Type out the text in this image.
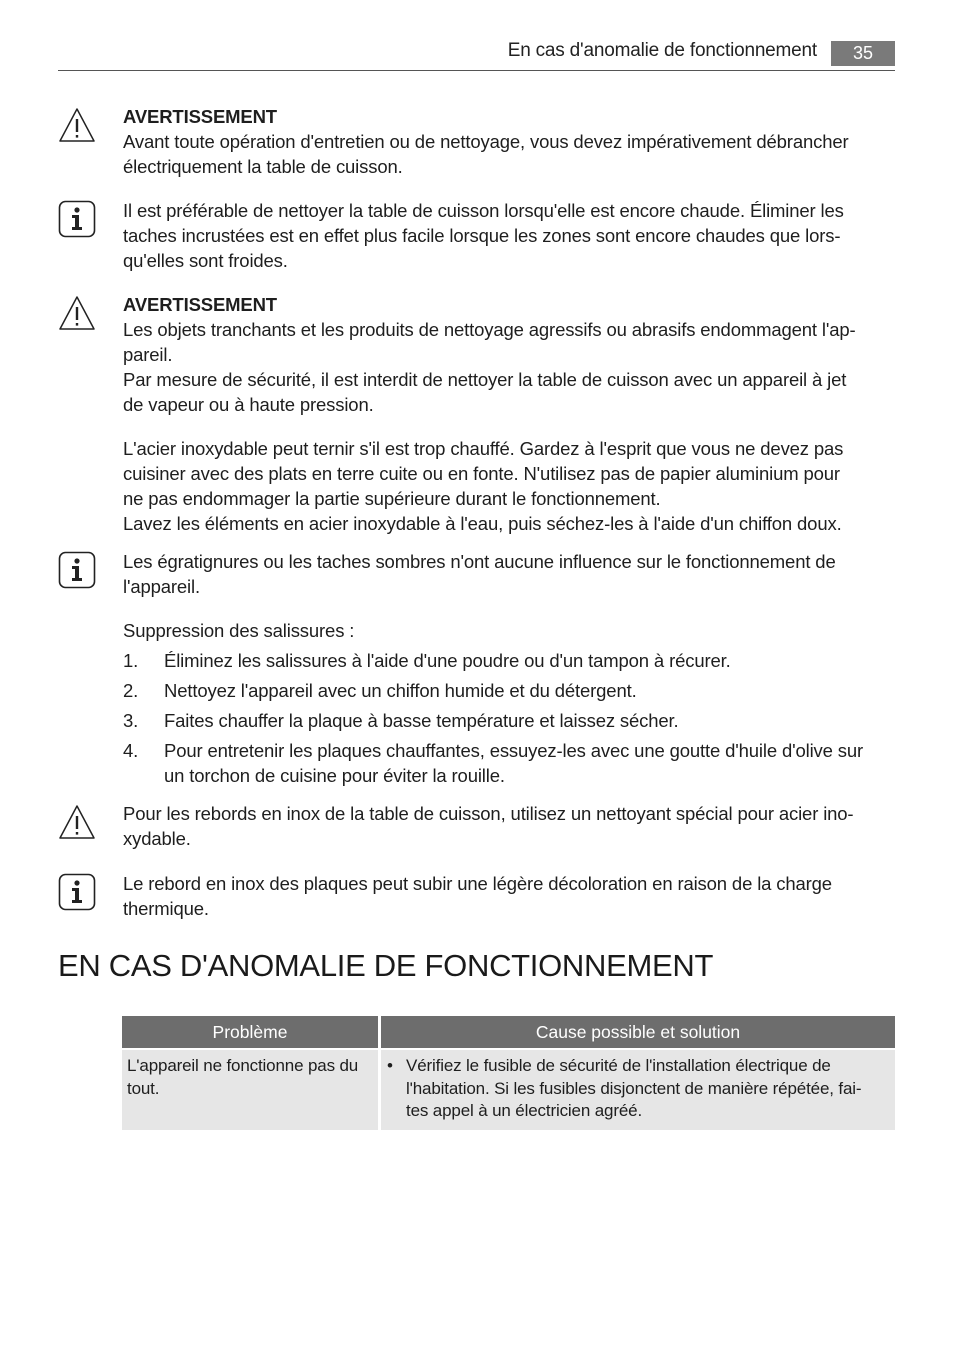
En cas d'anomalie de fonctionnement	35

AVERTISSEMENT

Avant toute opération d'entretien ou de nettoyage, vous devez impérativement débrancher

électriquement la table de cuisson.

Il est préférable de nettoyer la table de cuisson lorsqu'elle est encore chaude. Éliminer les

taches incrustées est en effet plus facile lorsque les zones sont encore chaudes que lors-

qu'elles sont froides.

AVERTISSEMENT

Les objets tranchants et les produits de nettoyage agressifs ou abrasifs endommagent l'ap-

pareil.

Par mesure de sécurité, il est interdit de nettoyer la table de cuisson avec un appareil à jet

de vapeur ou à haute pression.

L'acier inoxydable peut ternir s'il est trop chauffé. Gardez à l'esprit que vous ne devez pas

cuisiner avec des plats en terre cuite ou en fonte. N'utilisez pas de papier aluminium pour

ne pas endommager la partie supérieure durant le fonctionnement.

Lavez les éléments en acier inoxydable à l'eau, puis séchez-les à l'aide d'un chiffon doux.

Les égratignures ou les taches sombres n'ont aucune influence sur le fonctionnement de

l'appareil.

Suppression des salissures :

1. Éliminez les salissures à l'aide d'une poudre ou d'un tampon à récurer.
2. Nettoyez l'appareil avec un chiffon humide et du détergent.
3. Faites chauffer la plaque à basse température et laissez sécher.
4. Pour entretenir les plaques chauffantes, essuyez-les avec une goutte d'huile d'olive sur
un torchon de cuisine pour éviter la rouille.

Pour les rebords en inox de la table de cuisson, utilisez un nettoyant spécial pour acier ino-

xydable.

Le rebord en inox des plaques peut subir une légère décoloration en raison de la charge

thermique.

EN CAS D'ANOMALIE DE FONCTIONNEMENT
Problème	Cause possible et solution
L'appareil ne fonctionne pas du
tout.
• Vérifiez le fusible de sécurité de l'installation électrique de
l'habitation. Si les fusibles disjonctent de manière répétée, fai-
tes appel à un électricien agréé.
